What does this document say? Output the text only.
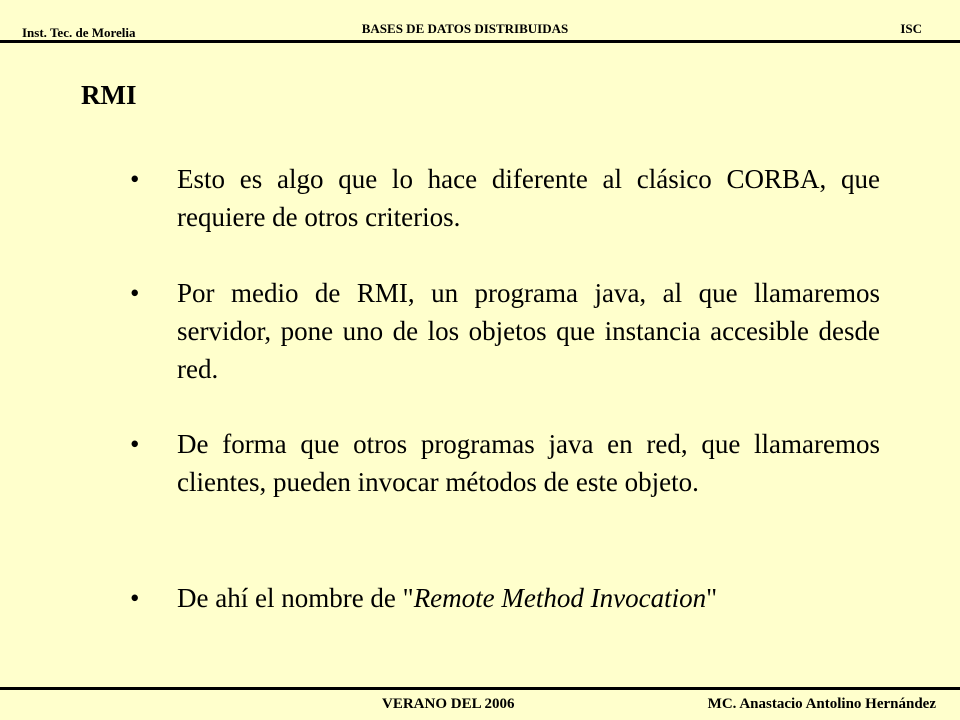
Inst. Tec. de Morelia	BASES DE DATOS DISTRIBUIDAS	ISC
RMI
•	Esto es algo que lo hace diferente al clásico CORBA, que requiere de otros criterios.
•	Por medio de RMI, un programa java, al que llamaremos servidor, pone uno de los objetos que instancia accesible desde red.
•	De forma que otros programas java en red, que llamaremos clientes, pueden invocar métodos de este objeto.
•	De ahí el nombre de "Remote Method Invocation"
VERANO DEL 2006	MC. Anastacio Antolino Hernández
